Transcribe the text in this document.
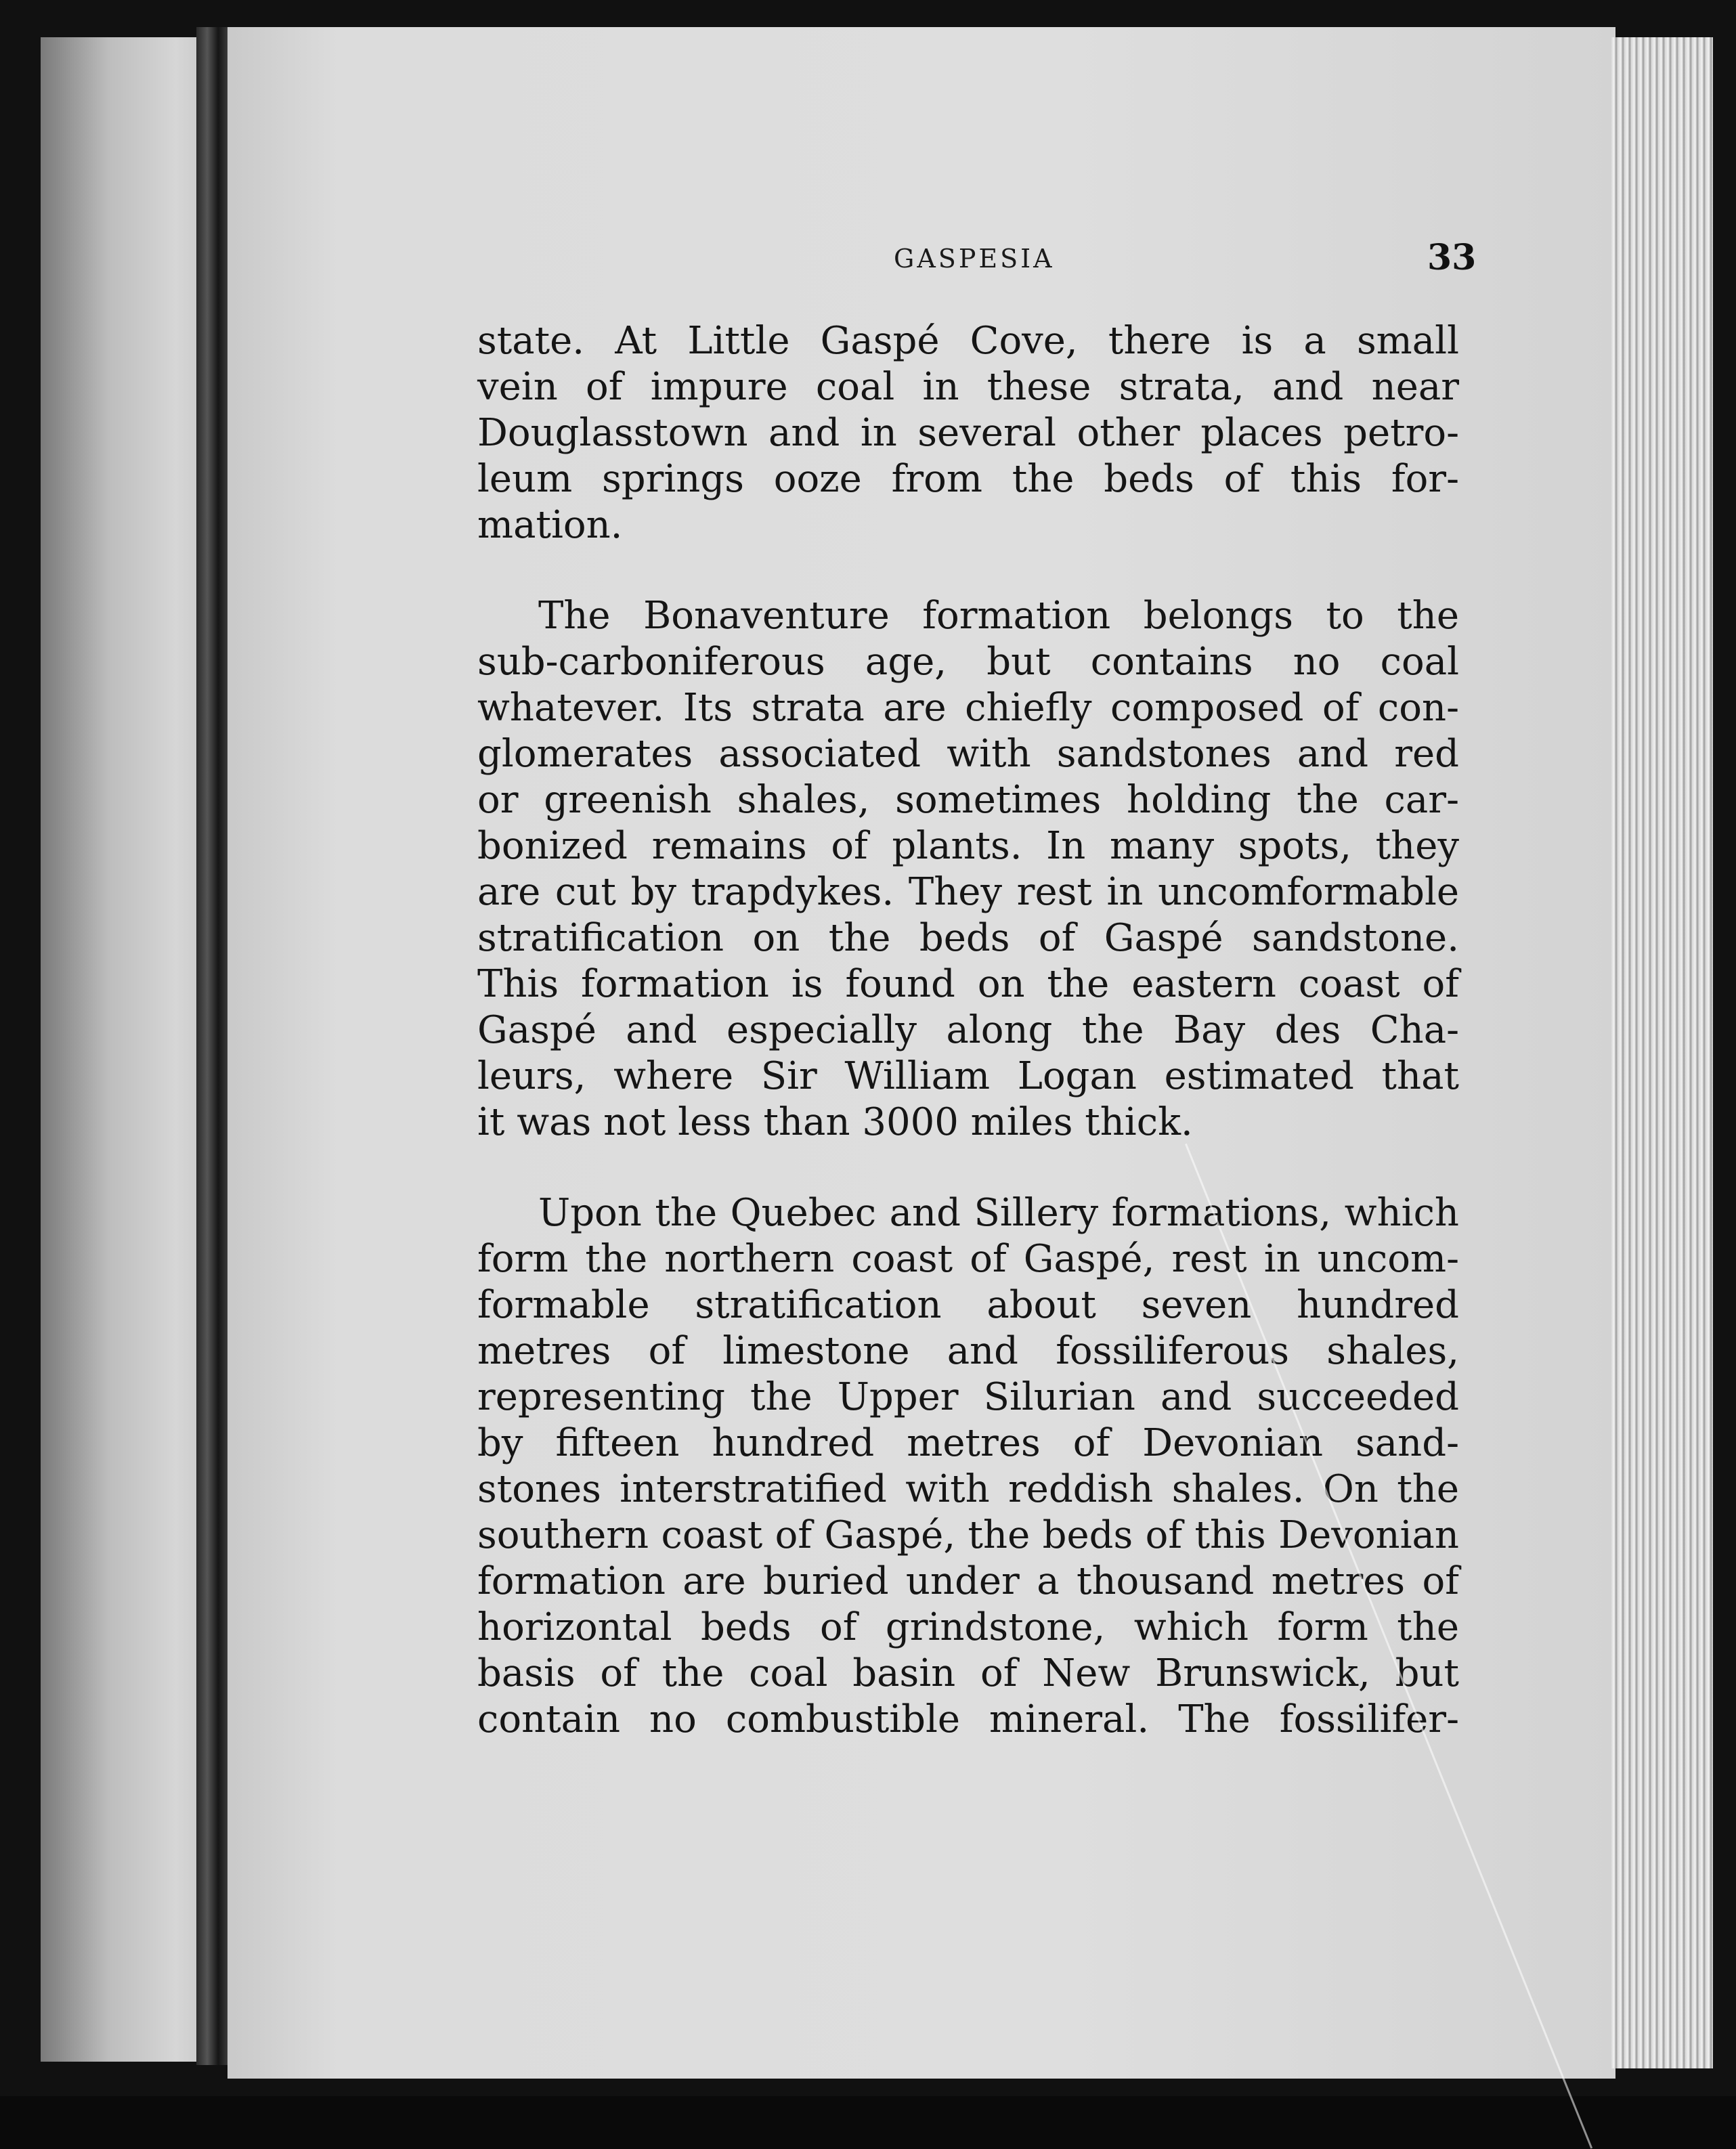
GASPESIA	33
state. At Little Gaspé Cove, there is a small
vein of impure coal in these strata, and near
Douglasstown and in several other places petro-
leum springs ooze from the beds of this for-
mation.
The Bonaventure formation belongs to the
sub-carboniferous age, but contains no coal
whatever. Its strata are chiefly composed of con-
glomerates associated with sandstones and red
or greenish shales, sometimes holding the car-
bonized remains of plants. In many spots, they
are cut by trapdykes. They rest in uncomformable
stratification on the beds of Gaspé sandstone.
This formation is found on the eastern coast of
Gaspé and especially along the Bay des Cha-
leurs, where Sir William Logan estimated that
it was not less than 3000 miles thick.
Upon the Quebec and Sillery formations, which
form the northern coast of Gaspé, rest in uncom-
formable stratification about seven hundred
metres of limestone and fossiliferous shales,
representing the Upper Silurian and succeeded
by fifteen hundred metres of Devonian sand-
stones interstratified with reddish shales. On the
southern coast of Gaspé, the beds of this Devonian
formation are buried under a thousand metres of
horizontal beds of grindstone, which form the
basis of the coal basin of New Brunswick, but
contain no combustible mineral. The fossilifer-
